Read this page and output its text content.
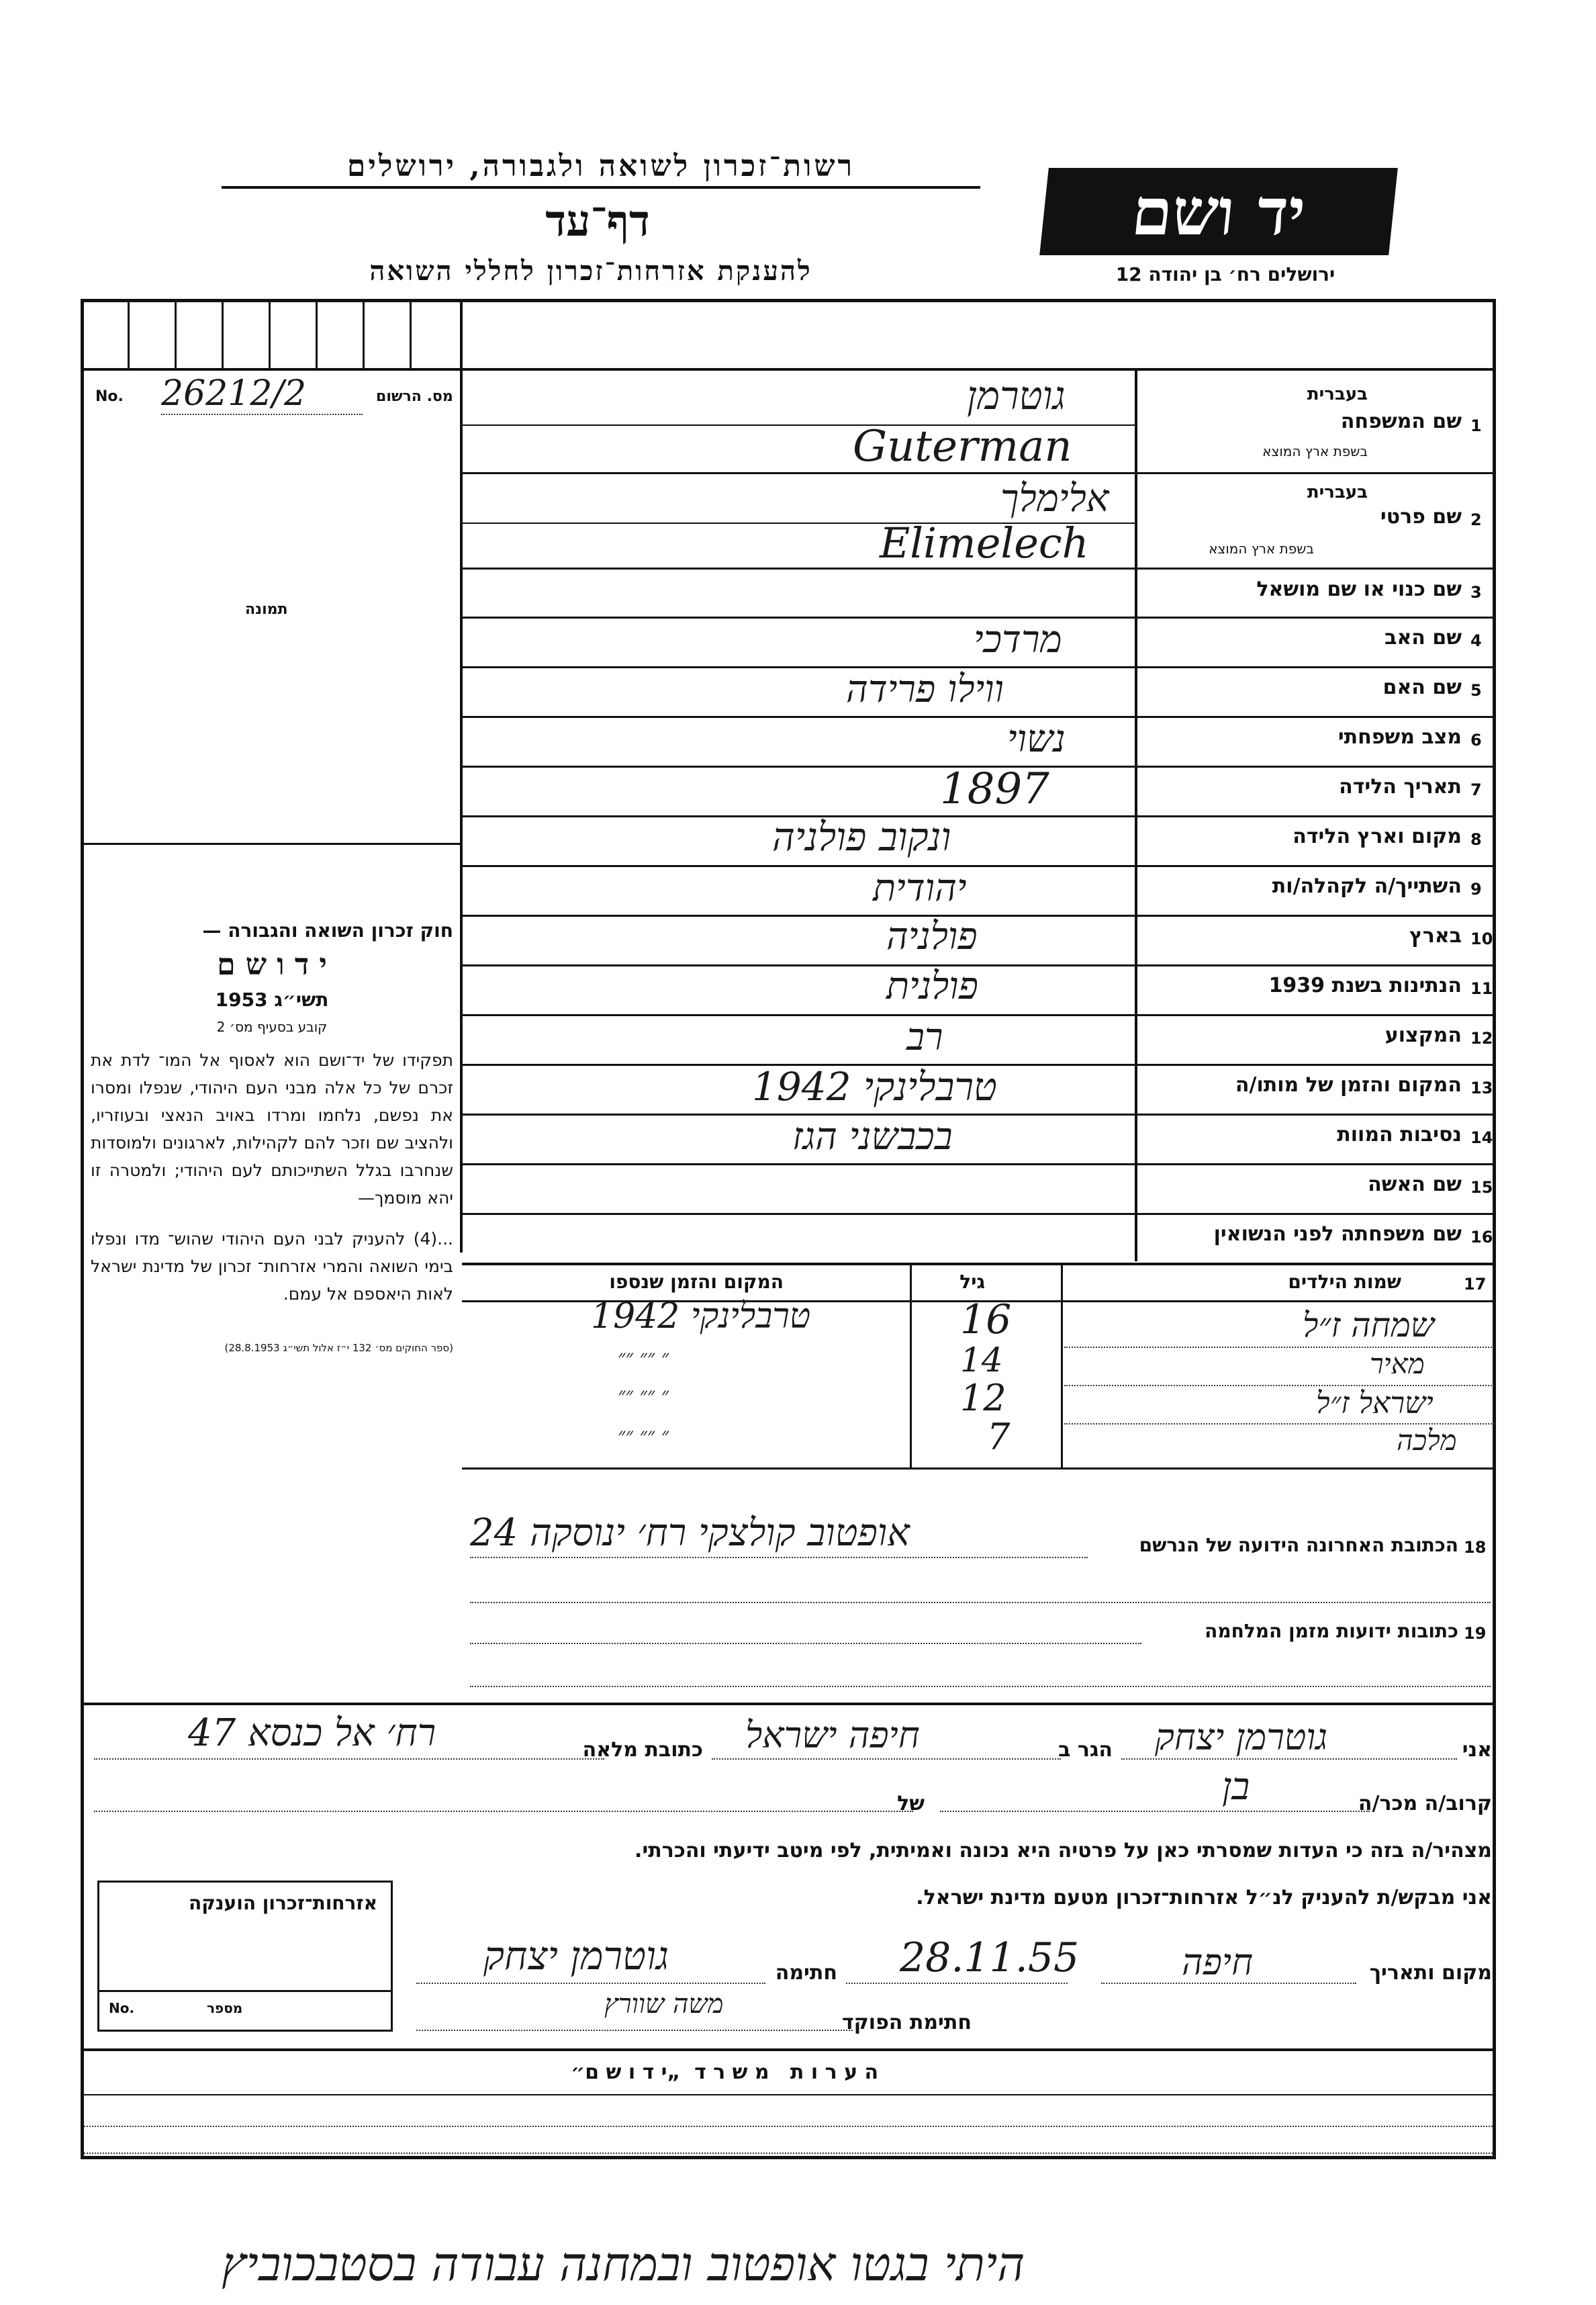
רשות־זכרון לשואה ולגבורה, ירושלים
דף־עד
להענקת אזרחות־זכרון לחללי השואה
יד ושם
ירושלים רח׳ בן יהודה 12
No. 26212/2	מס. הרשום
תמונה

חוק זכרון השואה והגבורה —

י ד ו ש ם

תשי״ג 1953

קובע בסעיף מס׳ 2

תפקידו של יד־ושם הוא לאסוף אל המו־ לדת את זכרם של כל אלה מבני העם היהודי, שנפלו ומסרו את נפשם, נלחמו ומרדו באויב הנאצי ובעוזריו, ולהציב שם וזכר להם לקהילות, לארגונים ולמוסדות שנחרבו בגלל השתייכותם לעם היהודי; ולמטרה זו יהא מוסמך—

...(4) להעניק לבני העם היהודי שהוש־ מדו ונפלו בימי השואה והמרי אזרחות־ זכרון של מדינת ישראל לאות היאספם אל עמם.

(ספר החוקים מס׳ 132 י״ז אלול תשי״ג 28.8.1953)

1
שם המשפחה
בעברית
בשפת ארץ המוצא
גוטרמן
Guterman
2
שם פרטי
בעברית
בשפת ארץ המוצא
אלימלך
Elimelech
3
שם כנוי או שם מושאל
4
שם האב
מרדכי
5
שם האם
ווילו פרידה
6
מצב משפחתי
נשוי
7
תאריך הלידה
1897
8
מקום וארץ הלידה
ונקוב פולניה
9
השתייך/ה לקהלה/ות
יהודית
10
בארץ
פולניה
11
הנתינות בשנת 1939
פולנית
12
המקצוע
רב
13
המקום והזמן של מותו/ה
טרבלינקי 1942
14
נסיבות המוות
בכבשני הגז
15
שם האשה
16
שם משפחתה לפני הנשואין
17
שמות הילדים
גיל
המקום והזמן שנספו
שמחה ז״ל
16
טרבלינקי 1942
מאיר
14
״ ״״ ״״
ישראל ז״ל
12
״ ״״ ״״
מלכה
7
״ ״״ ״״
18
הכתובת האחרונה הידועה של הנרשם
אופטוב קולצקי רח׳ ינוסקה 24
19
כתובות ידועות מזמן המלחמה
אני
גוטרמן יצחק
הגר ב
חיפה ישראל
כתובת מלאה
רח׳ אל כנסא 47
קרוב/ה מכר/ה
בן
של
מצהיר/ה בזה כי העדות שמסרתי כאן על פרטיה היא נכונה ואמיתית, לפי מיטב ידיעתי והכרתי.
אני מבקש/ת להעניק לנ״ל אזרחות־זכרון מטעם מדינת ישראל.
מקום ותאריך
חיפה
28.11.55
חתימה
גוטרמן יצחק
חתימת הפוקד
משה שוורץ
אזרחות־זכרון הוענקה
No.	מספר
ה ע ר ו ת   מ ש ר ד  „י ד ו ש ם״
היתי בגטו אופטוב ובמחנה עבודה בסטבכוביץ
